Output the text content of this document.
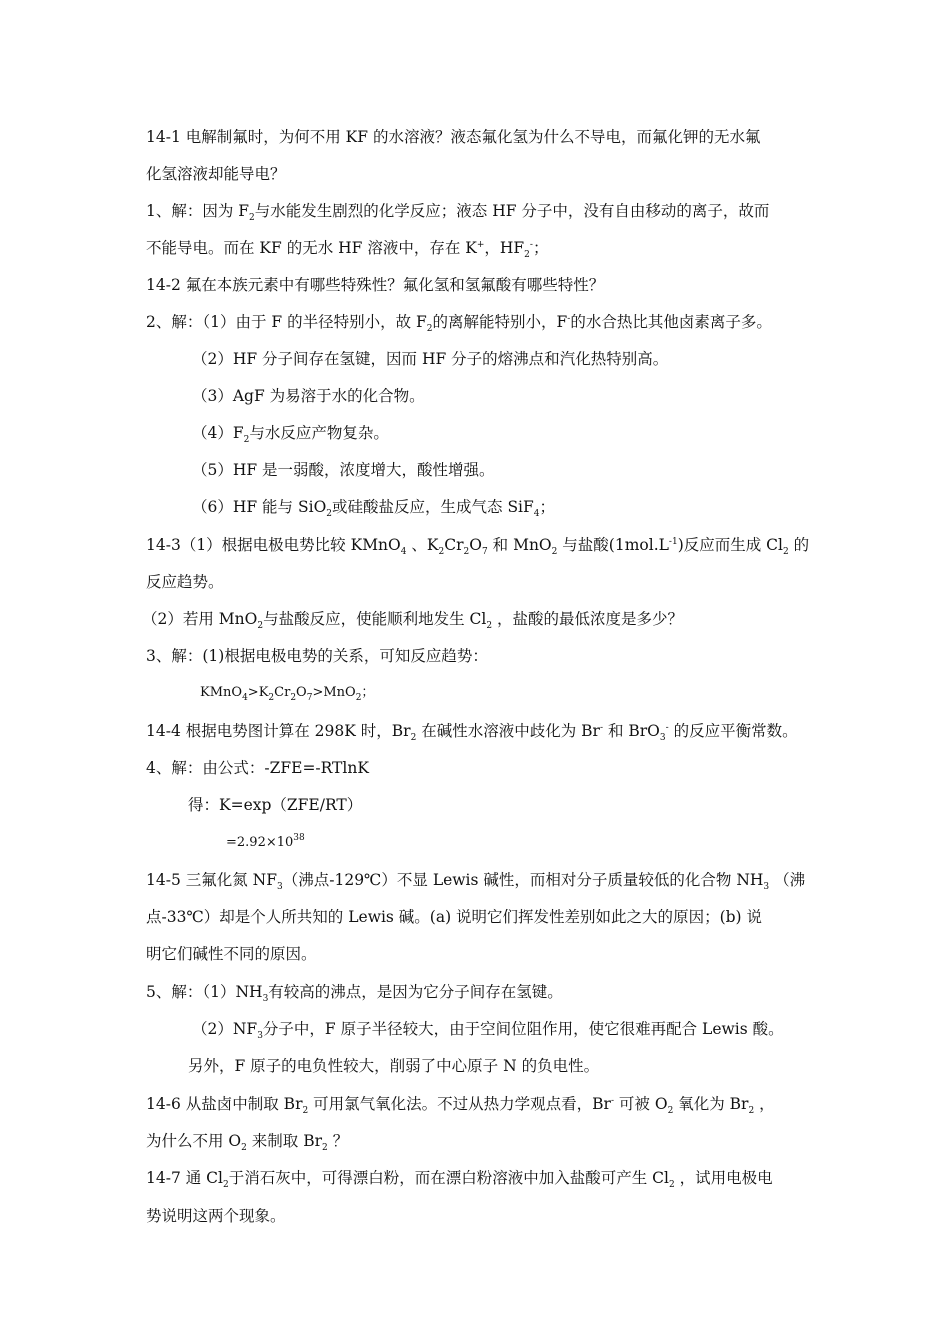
14-1 电解制氟时，为何不用 KF 的水溶液？液态氟化氢为什么不导电，而氟化钾的无水氟
化氢溶液却能导电？
1、解：因为 $F_2$与水能发生剧烈的化学反应；液态 HF 分子中，没有自由移动的离子，故而
不能导电。而在 KF 的无水 HF 溶液中，存在 K+，$HF_2^-$；
14-2 氟在本族元素中有哪些特殊性？氟化氢和氢氟酸有哪些特性？
2、解：（1）由于 F 的半径特别小，故 $F_2$的离解能特别小，F-的水合热比其他卤素离子多。
（2）HF 分子间存在氢键，因而 HF 分子的熔沸点和汽化热特别高。
（3）AgF 为易溶于水的化合物。
$(4)F_2$与水反应产物复杂。
（5）HF 是一弱酸，浓度增大，酸性增强。
（6）HF 能与 SiO$_2$或硅酸盐反应，生成气态 SiF$_4$；
14-3（1）根据电极电势比较 KMnO$_4$ 、$K_2Cr_2O_7$ 和 MnO$_2$ 与盐酸$(1mol.L^{-1})$反应而生成 $Cl_2$ 的
反应趋势。
（2）若用 MnO$_2$与盐酸反应，使能顺利地发生 $Cl_2$ ，盐酸的最低浓度是多少？
3、解：(1)根据电极电势的关系，可知反应趋势：
$KMnO_4>K_2Cr_2O_7>MnO_2$；
14-4 根据电势图计算在 298K 时，$Br_2$ 在碱性水溶液中歧化为 Br- 和 BrO$_3$- 的反应平衡常数。
4、解：由公式：-ZFE=-RTlnK
得：K=exp（ZFE/RT）
$=2.92\times 10^{38}$
14-5 三氟化氮 $NF_3$（沸点-129℃）不显 Lewis 碱性，而相对分子质量较低的化合物 $NH_3$ （沸
点-33℃）却是个人所共知的 Lewis 碱。(a) 说明它们挥发性差别如此之大的原因；(b) 说
明它们碱性不同的原因。
5、解：$(1)NH_3$有较高的沸点，是因为它分子间存在氢键。
$(2)NF_3$分子中，F 原子半径较大，由于空间位阻作用，使它很难再配合 Lewis 酸。
另外，F 原子的电负性较大，削弱了中心原子 N 的负电性。
14-6 从盐卤中制取 $Br_2$ 可用氯气氧化法。不过从热力学观点看，Br- 可被 $O_2$ 氧化为 $Br_2$ ，
为什么不用 $O_2$ 来制取 $Br_2$ ？
14-7 通 $Cl_2$于消石灰中，可得漂白粉，而在漂白粉溶液中加入盐酸可产生 $Cl_2$ ，试用电极电
势说明这两个现象。
